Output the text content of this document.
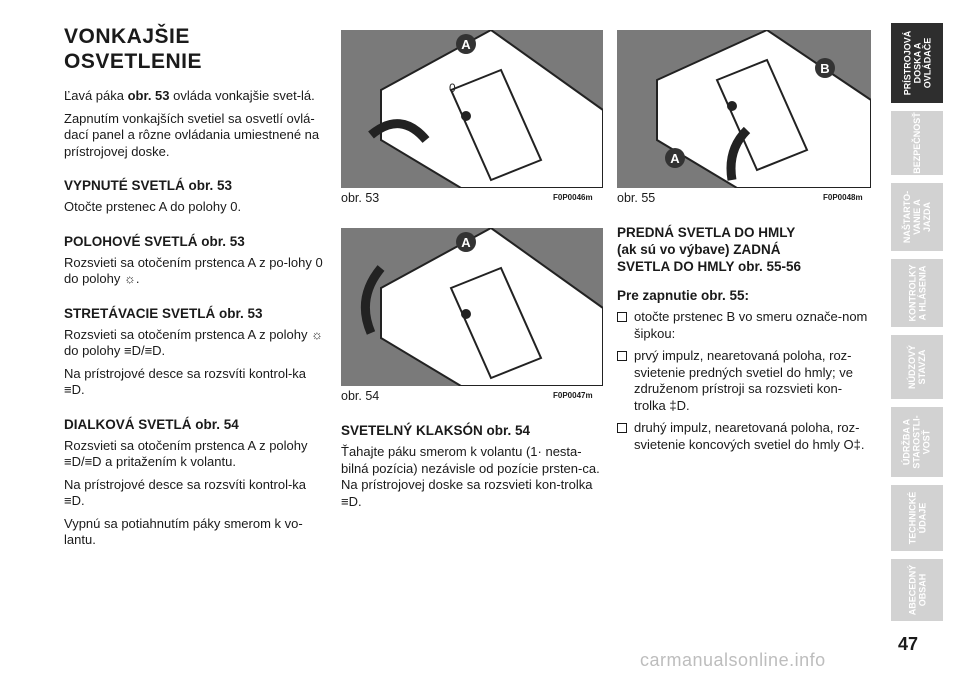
VONKAJŠIE
OSVETLENIE

Ľavá páka obr. 53 ovláda vonkajšie svet-lá.

Zapnutím vonkajších svetiel sa osvetlí ovlá-dací panel a rôzne ovládania umiestnené na prístrojovej doske.

VYPNUTÉ SVETLÁ obr. 53

Otočte prstenec A do polohy 0.

POLOHOVÉ SVETLÁ obr. 53

Rozsvieti sa otočením prstenca A z po-lohy 0 do polohy ☼.

STRETÁVACIE SVETLÁ obr. 53

Rozsvieti sa otočením prstenca A z polohy ☼ do polohy ≡D/≡D.

Na prístrojové desce sa rozsvíti kontrol-ka ≡D.

DIALKOVÁ SVETLÁ obr. 54

Rozsvieti sa otočením prstenca A z polohy ≡D/≡D a pritažením k volantu.

Na prístrojové desce sa rozsvíti kontrol-ka ≡D.

Vypnú sa potiahnutím páky smerom k vo-lantu.

A
0
obr. 53	F0P0046m
A
obr. 54	F0P0047m
B
A
obr. 55	F0P0048m
SVETELNÝ KLAKSÓN obr. 54

Ťahajte páku smerom k volantu (1· nesta-bilná pozícia) nezávisle od pozície prsten-ca. Na prístrojovej doske sa rozsvieti kon-trolka ≡D.

PREDNÁ SVETLA DO HMLY
(ak sú vo výbave) ZADNÁ
SVETLA DO HMLY obr. 55-56
Pre zapnutie obr. 55:
otočte prstenec B vo smeru označe-nom šipkou:
prvý impulz, nearetovaná poloha, roz-svietenie predných svetiel do hmly; ve združenom prístroji sa rozsvieti kon-trolka ‡D.
druhý impulz, nearetovaná poloha, roz-svietenie koncových svetiel do hmly O‡.
PRÍSTROJOVÁ
DOSKA A
OVLÁDAČE
BEZPEČNOSŤ
NAŠTARTO-
VANIE A
JAZDA
KONTROLKY
A HLÁSENIA
NÚDZOVÝ
STAVZA
ÚDRŽBA A
STAROSTLI-
VOSŤ
TECHNICKÉ
ÚDAJE
ABECEDNÝ
OBSAH
47
carmanualsonline.info
